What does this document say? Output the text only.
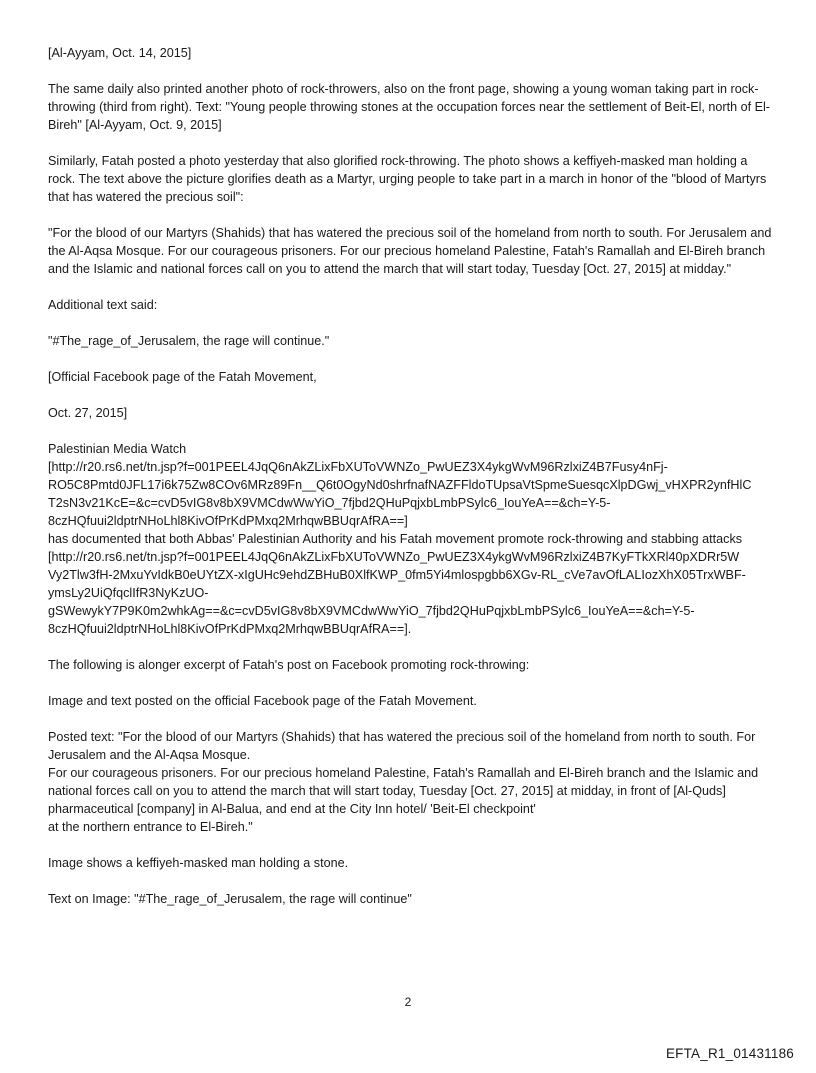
[Al-Ayyam, Oct. 14, 2015]

The same daily also printed another photo of rock-throwers, also on the front page, showing a young woman taking part in rock-throwing (third from right). Text: "Young people throwing stones at the occupation forces near the settlement of Beit-El, north of El-Bireh" [Al-Ayyam, Oct. 9, 2015]

Similarly, Fatah posted a photo yesterday that also glorified rock-throwing. The photo shows a keffiyeh-masked man holding a rock. The text above the picture glorifies death as a Martyr, urging people to take part in a march in honor of the "blood of Martyrs that has watered the precious soil":

"For the blood of our Martyrs (Shahids) that has watered the precious soil of the homeland from north to south. For Jerusalem and the Al-Aqsa Mosque. For our courageous prisoners. For our precious homeland Palestine, Fatah's Ramallah and El-Bireh branch and the Islamic and national forces call on you to attend the march that will start today, Tuesday [Oct. 27, 2015] at midday."

Additional text said:

"#The_rage_of_Jerusalem, the rage will continue."

[Official Facebook page of the Fatah Movement,

Oct. 27, 2015]

Palestinian Media Watch

[http://r20.rs6.net/tn.jsp?f=001PEEL4JqQ6nAkZLixFbXUToVWNZo_PwUEZ3X4ykgWvM96RzlxiZ4B7Fusy4nFj-
RO5C8Pmtd0JFL17i6k75Zw8COv6MRz89Fn__Q6t0OgyNd0shrfnafNAZFFldoTUpsaVtSpmeSuesqcXlpDGwj_vHXPR2ynfHlC
T2sN3v21KcE=&c=cvD5vIG8v8bX9VMCdwWwYiO_7fjbd2QHuPqjxbLmbPSylc6_IouYeA==&ch=Y-5-
8czHQfuui2ldptrNHoLhl8KivOfPrKdPMxq2MrhqwBBUqrAfRA==]

has documented that both Abbas' Palestinian Authority and his Fatah movement promote rock-throwing and stabbing attacks

[http://r20.rs6.net/tn.jsp?f=001PEEL4JqQ6nAkZLixFbXUToVWNZo_PwUEZ3X4ykgWvM96RzlxiZ4B7KyFTkXRl40pXDRr5W
Vy2Tlw3fH-2MxuYvIdkB0eUYtZX-xIgUHc9ehdZBHuB0XlfKWP_0fm5Yi4mlospgbb6XGv-RL_cVe7avOfLALIozXhX05TrxWBF-
ymsLy2UiQfqclIfR3NyKzUO-
gSWewykY7P9K0m2whkAg==&c=cvD5vIG8v8bX9VMCdwWwYiO_7fjbd2QHuPqjxbLmbPSylc6_IouYeA==&ch=Y-5-
8czHQfuui2ldptrNHoLhl8KivOfPrKdPMxq2MrhqwBBUqrAfRA==].

The following is alonger excerpt of Fatah's post on Facebook promoting rock-throwing:

Image and text posted on the official Facebook page of the Fatah Movement.

Posted text: "For the blood of our Martyrs (Shahids) that has watered the precious soil of the homeland from north to south. For Jerusalem and the Al-Aqsa Mosque.
For our courageous prisoners. For our precious homeland Palestine, Fatah's Ramallah and El-Bireh branch and the Islamic and national forces call on you to attend the march that will start today, Tuesday [Oct. 27, 2015] at midday, in front of [Al-Quds] pharmaceutical [company] in Al-Balua, and end at the City Inn hotel/ 'Beit-El checkpoint'
at the northern entrance to El-Bireh."

Image shows a keffiyeh-masked man holding a stone.

Text on Image: "#The_rage_of_Jerusalem, the rage will continue"

2
EFTA_R1_01431186
